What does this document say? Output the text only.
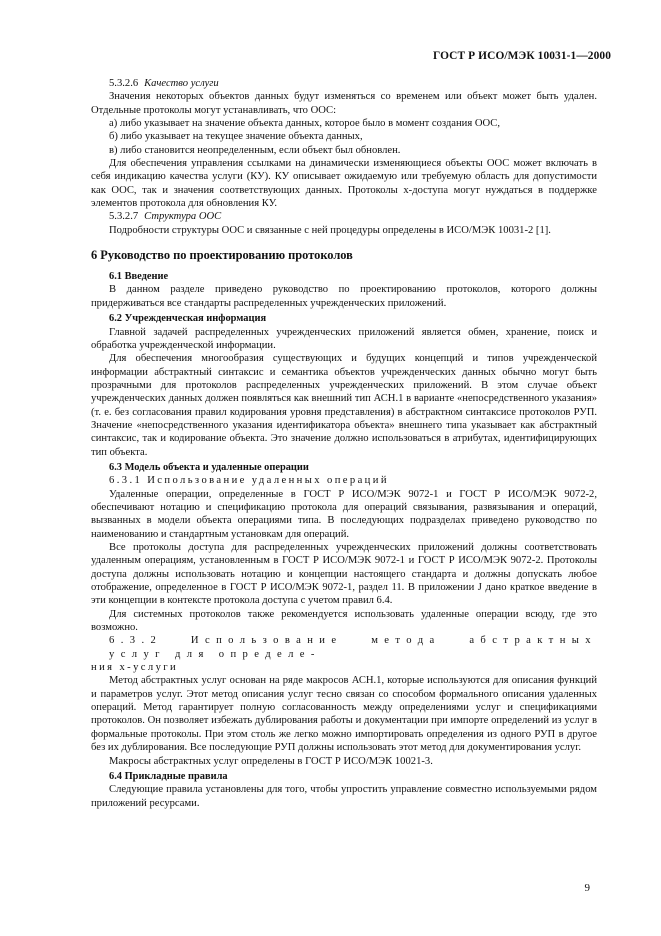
ГОСТ Р ИСО/МЭК 10031-1—2000
5.3.2.6 Качество услуги

Значения некоторых объектов данных будут изменяться со временем или объект может быть удален. Отдельные протоколы могут устанавливать, что ООС:

а) либо указывает на значение объекта данных, которое было в момент создания ООС,

б) либо указывает на текущее значение объекта данных,

в) либо становится неопределенным, если объект был обновлен.

Для обеспечения управления ссылками на динамически изменяющиеся объекты ООС может включать в себя индикацию качества услуги (КУ). КУ описывает ожидаемую или требуемую область для допустимости как ООС, так и значения соответствующих данных. Протоколы x-доступа могут нуждаться в поддержке элементов протокола для обновления КУ.

5.3.2.7 Структура ООС

Подробности структуры ООС и связанные с ней процедуры определены в ИСО/МЭК 10031-2 [1].

6 Руководство по проектированию протоколов
6.1 Введение

В данном разделе приведено руководство по проектированию протоколов, которого должны придерживаться все стандарты распределенных учрежденческих приложений.

6.2 Учрежденческая информация

Главной задачей распределенных учрежденческих приложений является обмен, хранение, поиск и обработка учрежденческой информации.

Для обеспечения многообразия существующих и будущих концепций и типов учрежденческой информации абстрактный синтаксис и семантика объектов учрежденческих данных обычно могут быть прозрачными для протоколов распределенных учрежденческих приложений. В этом случае объект учрежденческих данных должен появляться как внешний тип АСН.1 в варианте «непосредственного указания» (т. е. без согласования правил кодирования уровня представления) в абстрактном синтаксисе протоколов РУП. Значение «непосредственного указания идентификатора объекта» внешнего типа указывает как абстрактный синтаксис, так и кодирование объекта. Это значение должно использоваться в атрибутах, идентифицирующих тип объекта.

6.3 Модель объекта и удаленные операции
6.3.1 Использование удаленных операций

Удаленные операции, определенные в ГОСТ Р ИСО/МЭК 9072-1 и ГОСТ Р ИСО/МЭК 9072-2, обеспечивают нотацию и спецификацию протокола для операций связывания, развязывания и операций, вызванных в модели объекта операциями типа. В последующих подразделах приведено руководство по наименованию и стандартным установкам для операций.

Все протоколы доступа для распределенных учрежденческих приложений должны соответствовать удаленным операциям, установленным в ГОСТ Р ИСО/МЭК 9072-1 и ГОСТ Р ИСО/МЭК 9072-2. Протоколы доступа должны использовать нотацию и концепции настоящего стандарта и должны допускать любое отображение, определенное в ГОСТ Р ИСО/МЭК 9072-1, раздел 11. В приложении J дано краткое введение в эти концепции в контексте протокола доступа с учетом правил 6.4.

Для системных протоколов также рекомендуется использовать удаленные операции всюду, где это возможно.

6.3.2 Использование метода абстрактных услуг для определе-
ния x-услуги

Метод абстрактных услуг основан на ряде макросов АСН.1, которые используются для описания функций и параметров услуг. Этот метод описания услуг тесно связан со способом формального описания удаленных операций. Метод гарантирует полную согласованность между определениями услуг и спецификациями протоколов. Он позволяет избежать дублирования работы и документации при импорте определений из услуг в формальные протоколы. При этом столь же легко можно импортировать определения из одного РУП в другое без их дублирования. Все последующие РУП должны использовать этот метод для документирования услуг.

Макросы абстрактных услуг определены в ГОСТ Р ИСО/МЭК 10021-3.

6.4 Прикладные правила

Следующие правила установлены для того, чтобы упростить управление совместно используемыми рядом приложений ресурсами.

9
